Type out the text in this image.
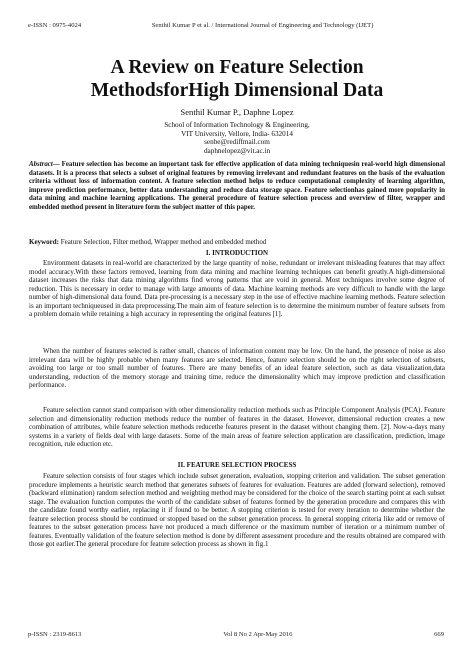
e-ISSN : 0975-4024	Senthil Kumar P et al. / International Journal of Engineering and Technology (IJET)
A Review on Feature Selection
MethodsforHigh Dimensional Data
Senthil Kumar P., Daphne Lopez
School of Information Technology & Engineering,
VIT University, Vellore, India- 632014
senbe@rediffmail.com
daphnelopez@vit.ac.in
Abstract— Feature selection has become an important task for effective application of data mining techniquesin real-world high dimensional datasets. It is a process that selects a subset of original features by removing irrelevant and redundant features on the basis of the evaluation criteria without loss of information content. A feature selection method helps to reduce computational complexity of learning algorithm, improve prediction performance, better data understanding and reduce data storage space. Feature selectionhas gained more popularity in data mining and machine learning applications. The general procedure of feature selection process and overview of filter, wrapper and embedded method present in literature form the subject matter of this paper.
Keyword: Feature Selection, Filter method, Wrapper method and embedded method
I. INTRODUCTION
Environment datasets in real-world are characterized by the large quantity of noise, redundant or irrelevant misleading features that may affect model accuracy.With these factors removed, learning from data mining and machine learning techniques can benefit greatly.A high-dimensional dataset increases the risks that data mining algorithms find wrong patterns that are void in general. Most techniques involve some degree of reduction. This is necessary in order to manage with large amounts of data. Machine learning methods are very difficult to handle with the large number of high-dimensional data found. Data pre-processing is a necessary step in the use of effective machine learning methods. Feature selection is an important techniqueused in data preprocessing.The main aim of feature selection is to determine the minimum number of feature subsets from a problem domain while retaining a high accuracy in representing the original features [1].
When the number of features selected is rather small, chances of information content may be low. On the hand, the presence of noise as also irrelevant data will be highly probable when many features are selected. Hence, feature selection should be on the right selection of subsets, avoiding too large or too small number of features. There are many benefits of an ideal feature selection, such as data visualization,data understanding, reduction of the memory storage and training time, reduce the dimensionality which may improve prediction and classification performance.
Feature selection cannot stand comparison with other dimensionality reduction methods such as Principle Component Analysis (PCA). Feature selection and dimensionality reduction methods reduce the number of features in the dataset. However, dimensional reduction creates a new combination of attributes, while feature selection methods reducethe features present in the dataset without changing them. [2]. Now-a-days many systems in a variety of fields deal with large datasets. Some of the main areas of feature selection application are classification, prediction, image recognition, rule eduction etc.
II. FEATURE SELECTION PROCESS
Feature selection consists of four stages which include subset generation, evaluation, stopping criterion and validation. The subset generation procedure implements a heuristic search method that generates subsets of features for evaluation. Features are added (forward selection), removed (backward elimination) random selection method and weighting method may be considered for the choice of the search starting point at each subset stage. The evaluation function computes the worth of the candidate subset of features formed by the generation procedure and compares this with the candidate found worthy earlier, replacing it if found to be better. A stopping criterion is tested for every iteration to determine whether the feature selection process should be continued or stopped based on the subset generation process. In general stopping criteria like add or remove of features to the subset generation process have not produced a much difference or the maximum number of iteration or a minimum number of features. Eventually validation of the feature selection method is done by different assessment procedure and the results obtained are compared with those got earlier.The general procedure for feature selection process as shown in fig.1
p-ISSN : 2319-8613	Vol 8 No 2 Apr-May 2016	669
